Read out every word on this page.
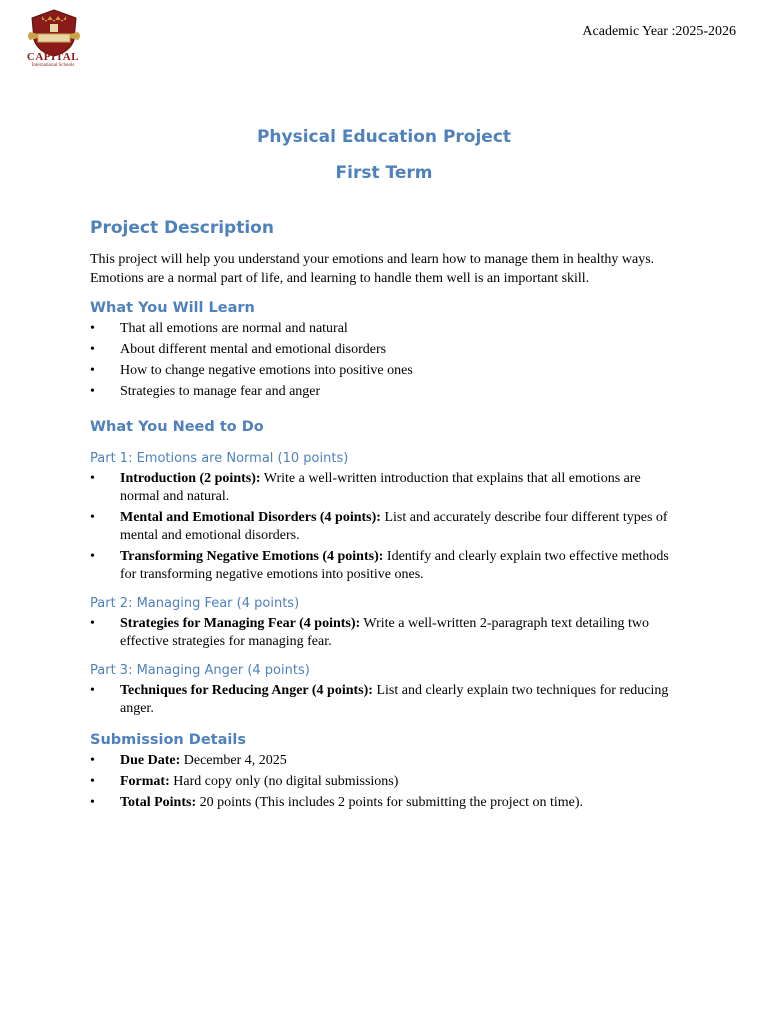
CAPITAL
International Schools
Academic Year :2025-2026
Physical Education Project
First Term
Project Description

This project will help you understand your emotions and learn how to manage them in healthy ways. Emotions are a normal part of life, and learning to handle them well is an important skill.

What You Will Learn
• That all emotions are normal and natural
• About different mental and emotional disorders
• How to change negative emotions into positive ones
• Strategies to manage fear and anger
What You Need to Do
Part 1: Emotions are Normal (10 points)
• Introduction (2 points): Write a well-written introduction that explains that all emotions are normal and natural.
• Mental and Emotional Disorders (4 points): List and accurately describe four different types of mental and emotional disorders.
• Transforming Negative Emotions (4 points): Identify and clearly explain two effective methods for transforming negative emotions into positive ones.
Part 2: Managing Fear (4 points)
• Strategies for Managing Fear (4 points): Write a well-written 2-paragraph text detailing two effective strategies for managing fear.
Part 3: Managing Anger (4 points)
• Techniques for Reducing Anger (4 points): List and clearly explain two techniques for reducing anger.
Submission Details
• Due Date: December 4, 2025
• Format: Hard copy only (no digital submissions)
• Total Points: 20 points (This includes 2 points for submitting the project on time).
